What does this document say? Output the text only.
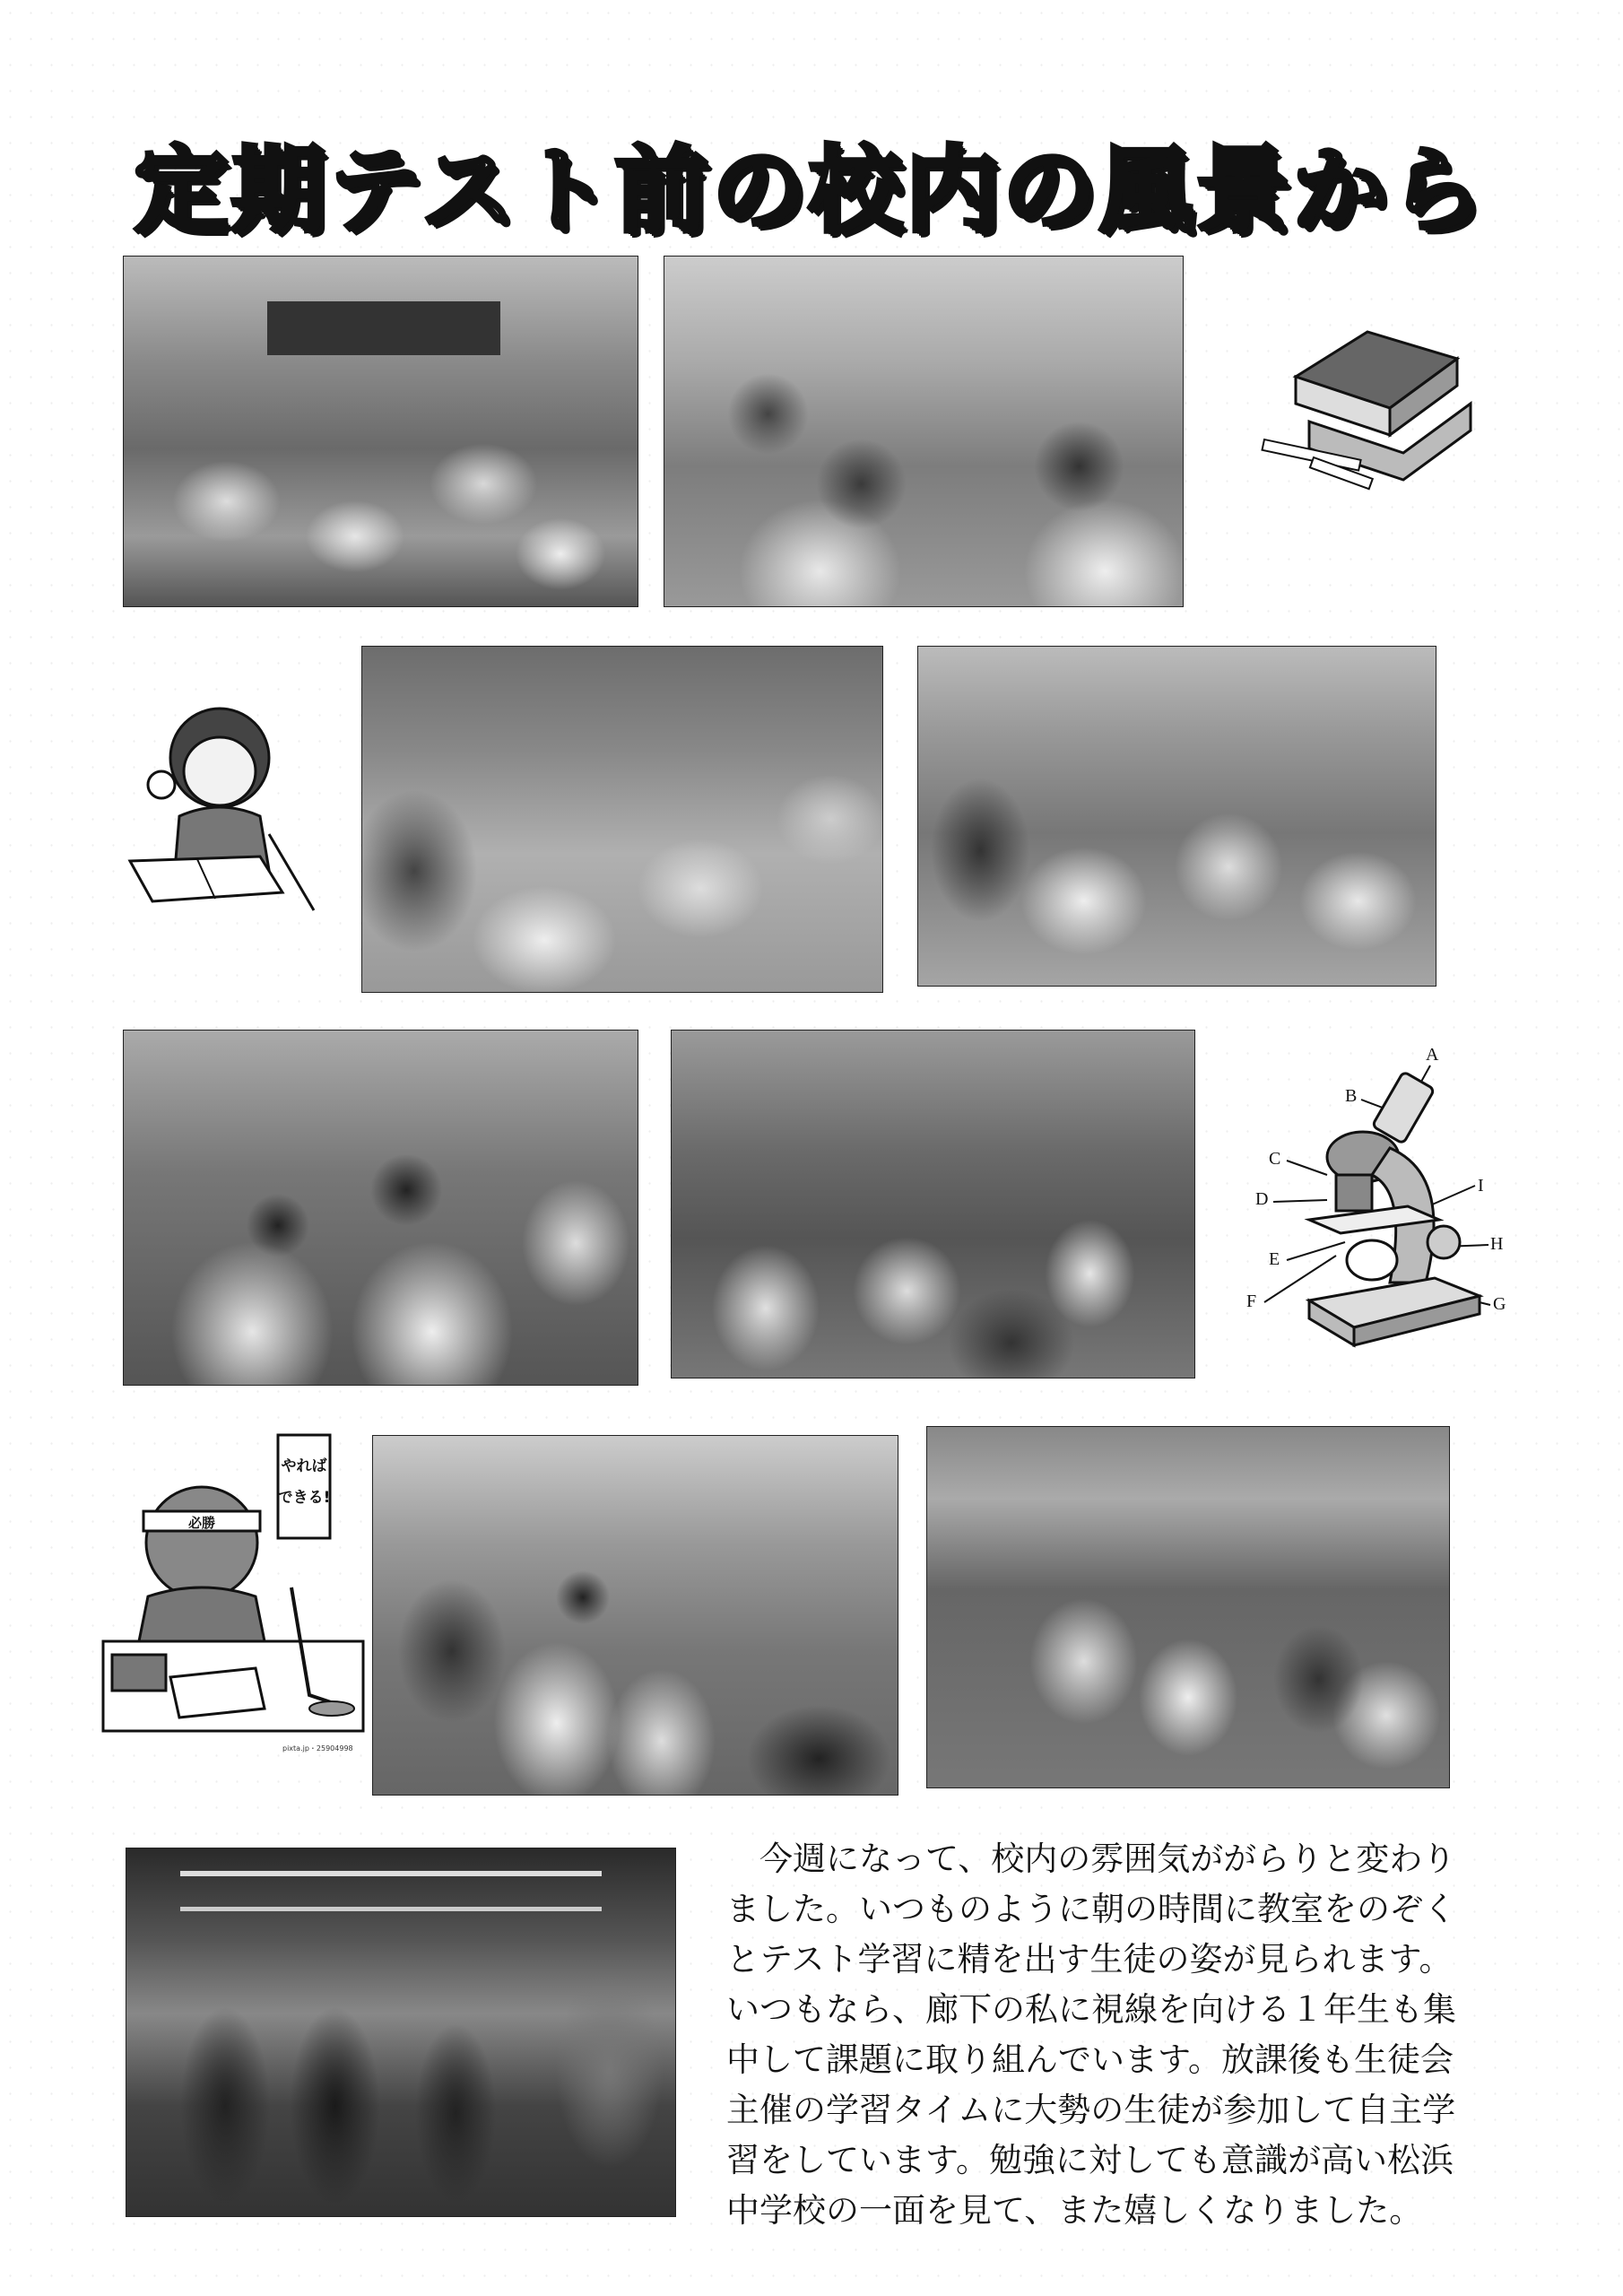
定期テスト前の校内の風景から
A
B
C
D
I
H
E
F	G
やれば
できる!
必勝
pixta.jp・25904998

今週になって、校内の雰囲気ががらりと変わり

ました。いつものように朝の時間に教室をのぞく

とテスト学習に精を出す生徒の姿が見られます。

いつもなら、廊下の私に視線を向ける１年生も集

中して課題に取り組んでいます。放課後も生徒会

主催の学習タイムに大勢の生徒が参加して自主学

習をしています。勉強に対しても意識が高い松浜

中学校の一面を見て、また嬉しくなりました。
